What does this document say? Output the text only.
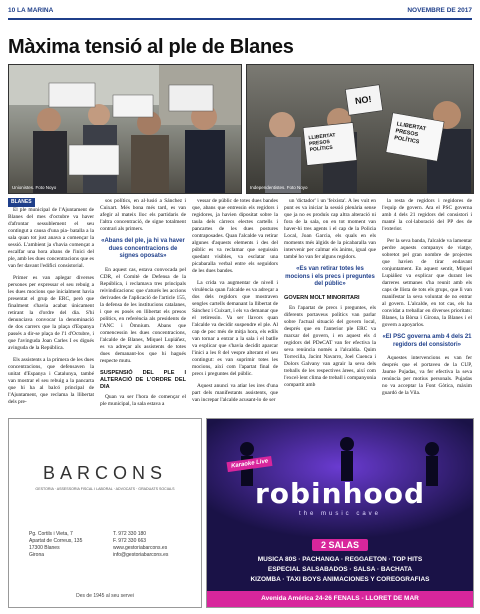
10 LA MARINA	NOVEMBRE DE 2017
Màxima tensió al ple de Blanes
Unionistes. Foto Noyo
NO!
LLIBERTAT PRESOS POLÍTICS
LLIBERTAT PRESOS POLÍTICS
Independentistes. Foto Noyo
BLANES

El ple municipal de l'Ajuntament de Blanes del mes d'octubre va haver d'afrontar sessublement el seu contingut a causa d'una pia- batalla a la sala quan tot just anava a començar la sessió. L'ambient ja s'havia començat a escalfar una hora abans de l'inici del ple, amb les dues concentracions que es van fer davant l'edifici consistorial.

Primer es van aplegar diverses persones per expressar el seu rebuig a les dues mocions que inicialment havia presentat el grup de ERC, però que finalment s'havia acabat únicament retirant la d'ordre del dia. S'hi denunciava convocar la denominació de dos carrers que la plaça d'Espanya passés a dir-se plaça de l'1 d'Octubre, i que l'avinguda Joan Carles I es digués avinguda de la República.

Els assistents a la primera de les dues concentracions, que defensaven la unitat d'Espanya i Catalunya, també van mostrar el seu rebuig a la pancarta que hi ha al balcó principal de l'Ajuntament, que reclama la llibertat dels pre-

sos polítics, en al·lusió a Sánchez i Cuixart. Més bona més tard, es van afegir al mateix lloc els partidaris de l'altra concentració, de signe totalment contrari als primers.

«Abans del ple, ja hi va haver dues concentracions de signes oposats»

En aquest cas, estava convocada pel CDR, el Comitè de Defensa de la República, i reclamava tres principals reivindicacions: que s'aturés les accions derivades de l'aplicació de l'article 155, la defensa de les institucions catalanes, i que es posés en llibertat els presos polítics, en referència als presidents de l'ANC i Òmnium. Abans que comencessin les dues concentracions, l'alcalde de Blanes, Miquel Lupiáñez, es va adreçar als assistents de totes dues demanant-los que hi hagués respecte mutu.

SUSPENSIÓ DEL PLE I ALTERACIÓ DE L'ORDRE DEL DIA

Quan va ser l'hora de començar el ple municipal, la sala estava a

vessar de públic de totes dues bandes que, abans que entressin els regidors i regidores, ja havien dipositat sobre la taula dels càrrecs electes cartells i pancartes de les dues postures contraposades. Quan l'alcalde va retirar algunes d'aquests elements i des del públic es va reclamar que seguissin quedant visibles, va esclatar una picabaralla verbal entre els seguidors de les dues bandes.

La crida va augmentar de nivell i virulència quan l'alcalde es va adreçar a dos dels regidors que mostraven sengles cartells demanant la llibertat de Sánchez i Cuixart, i els va demanar que el retiressin. Va ser llavors quan l'alcalde va decidir suspendre el ple. Al cap de poc més de mitja hora, els edils van tornar a entrar a la sala i el batlle va explicar que s'havia decidit aparcar l'inici a les 8 del vespre alterant el seu contingut: es van suprimir totes les mocions, així com l'apartat final de precs i preguntes del públic.

Aquest anunci va atiar les ires d'una part dels manifestants assistents, que van increpar l'alcalde acusant-lo de ser

un 'dictador' i un 'feixista'. A les vuit en punt es va iniciar la sessió plenària sense que ja no es produís cap altra alteració ni fora de la sala, on en tot moment van haver-hi tres agents i el cap de la Policia Local, Joan Garcia, els quals en els moments més àlgids de la picabaralla van intervenir per calmar els ànims, igual que també ho van fer alguns regidors.

«Es van retirar totes les mocions i els precs i preguntes del públic»
GOVERN MOLT MINORITARI

En l'apartat de precs i preguntes, els diferents portaveus polítics van parlar sobre l'actual situació del govern local, després que en l'anterior ple ERC va marxar del govern, i en aquest els 4 regidors del PDeCAT van fer efectiva la seva renúncia només a l'alcaldia. Quim Torrecilla, Jacint Navarro, Joel Cuenca i Dolors Galvany van agrair la seva dels treballs de les respectives àrees, així com l'excel·lent clima de treball i companyonia compartit amb

la resta de regidors i regidores de l'equip de govern. Ara el PSC governa amb 4 dels 21 regidors del consistori i manté la col·laboració del PP des de l'exterior.

Per la seva banda, l'alcalde va lamentar perdre aquests companys de viatge, sobretot pel gran nombre de projectes que havien de tirar endavant conjuntament. En aquest sentit, Miquel Lupiáñez va explicar que durant les darreres setmanes s'ha reunit amb els caps de llista de tots els grups, que li van manifestar la seva voluntat de no entrar al govern. L'alcalde, en tot cas, els ha convidat a treballar en diverses prioritats: Blanes, la Bòrsa i Girona, la Blanes i el govern a apoyarlos.

«El PSC governa amb 4 dels 21 regidors del consistori»

Aquestes intervencions es van fer després que el portaveu de la CUP, Jaume Pujadas, va fer efectiva la seva renúncia per motius personals. Pujadas no va acceptar la Font Gòtica, màxim guardó de la Vila.

BARCONS
GESTORIA · ASSESSORIA FISCAL I LABORAL · ADVOCATS · GRADUATS SOCIALS
Pg. Cortils i Vieta, 7
Apartat de Correus, 135
17300 Blanes
Girona
T. 972 330 180
F. 972 330 663
www.gestoriabarcons.es
info@gestoriabarcons.es
Des de 1945 al seu servei
Karaoke Live
robinhood
the music cave
2 SALAS
MUSICA 80S · PACHANGA · REGGAETON · TOP HITS
ESPECIAL SALSABADOS · SALSA · BACHATA
KIZOMBA · TAXI BOYS ANIMACIONES Y COREOGRAFIAS
Avenida América 24-26 FENALS - LLORET DE MAR
